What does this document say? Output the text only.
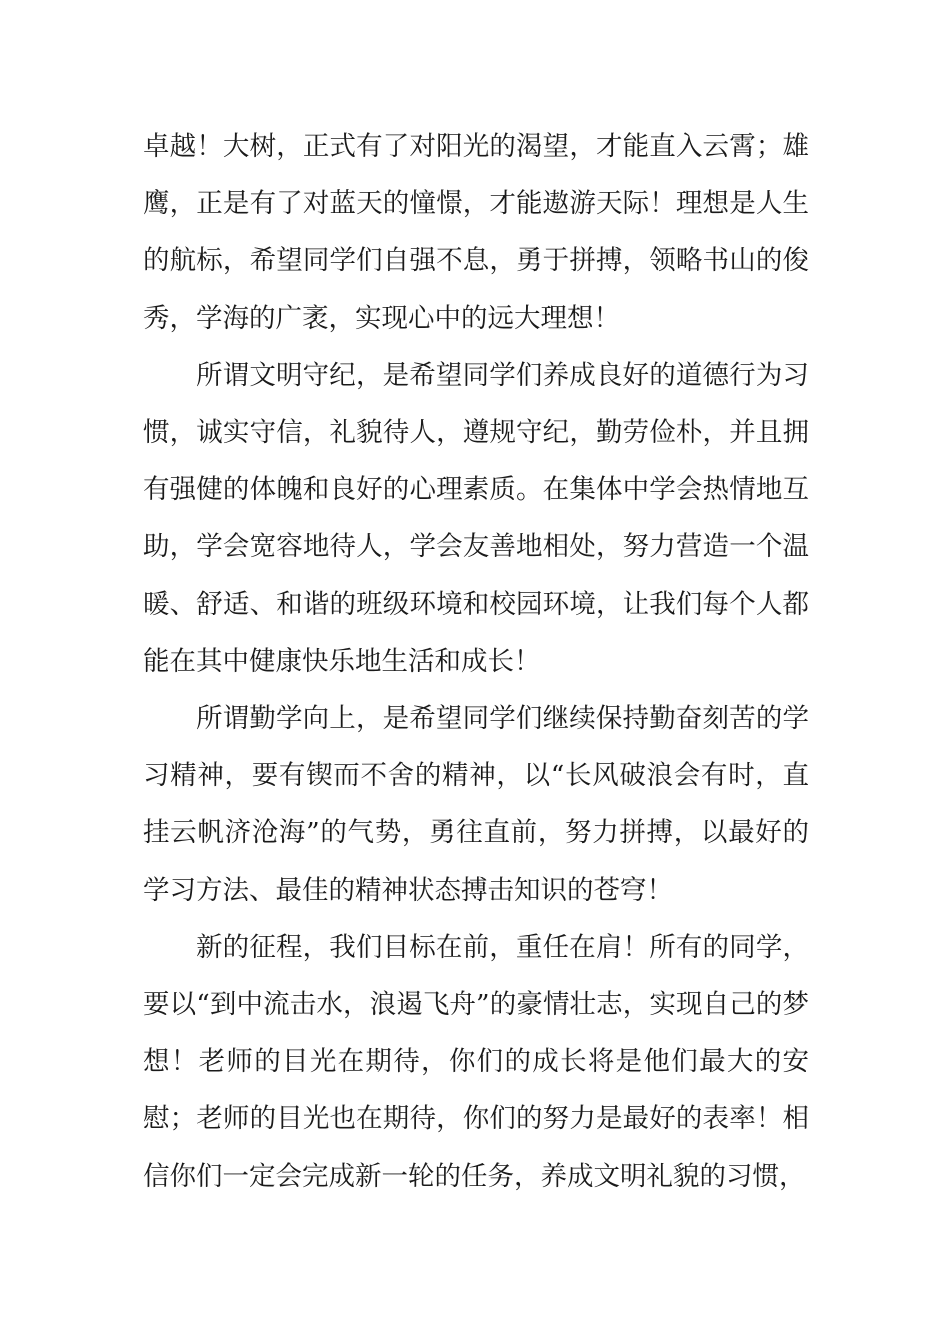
卓越！大树，正式有了对阳光的渴望，才能直入云霄；雄鹰，正是有了对蓝天的憧憬，才能遨游天际！理想是人生的航标，希望同学们自强不息，勇于拼搏，领略书山的俊秀，学海的广袤，实现心中的远大理想！

所谓文明守纪，是希望同学们养成良好的道德行为习惯，诚实守信，礼貌待人，遵规守纪，勤劳俭朴，并且拥有强健的体魄和良好的心理素质。在集体中学会热情地互助，学会宽容地待人，学会友善地相处，努力营造一个温暖、舒适、和谐的班级环境和校园环境，让我们每个人都能在其中健康快乐地生活和成长！

所谓勤学向上，是希望同学们继续保持勤奋刻苦的学习精神，要有锲而不舍的精神，以“长风破浪会有时，直挂云帆济沧海”的气势，勇往直前，努力拼搏，以最好的学习方法、最佳的精神状态搏击知识的苍穹！

新的征程，我们目标在前，重任在肩！所有的同学，要以“到中流击水，浪遏飞舟”的豪情壮志，实现自己的梦想！老师的目光在期待，你们的成长将是他们最大的安慰；老师的目光也在期待，你们的努力是最好的表率！相信你们一定会完成新一轮的任务，养成文明礼貌的习惯，
